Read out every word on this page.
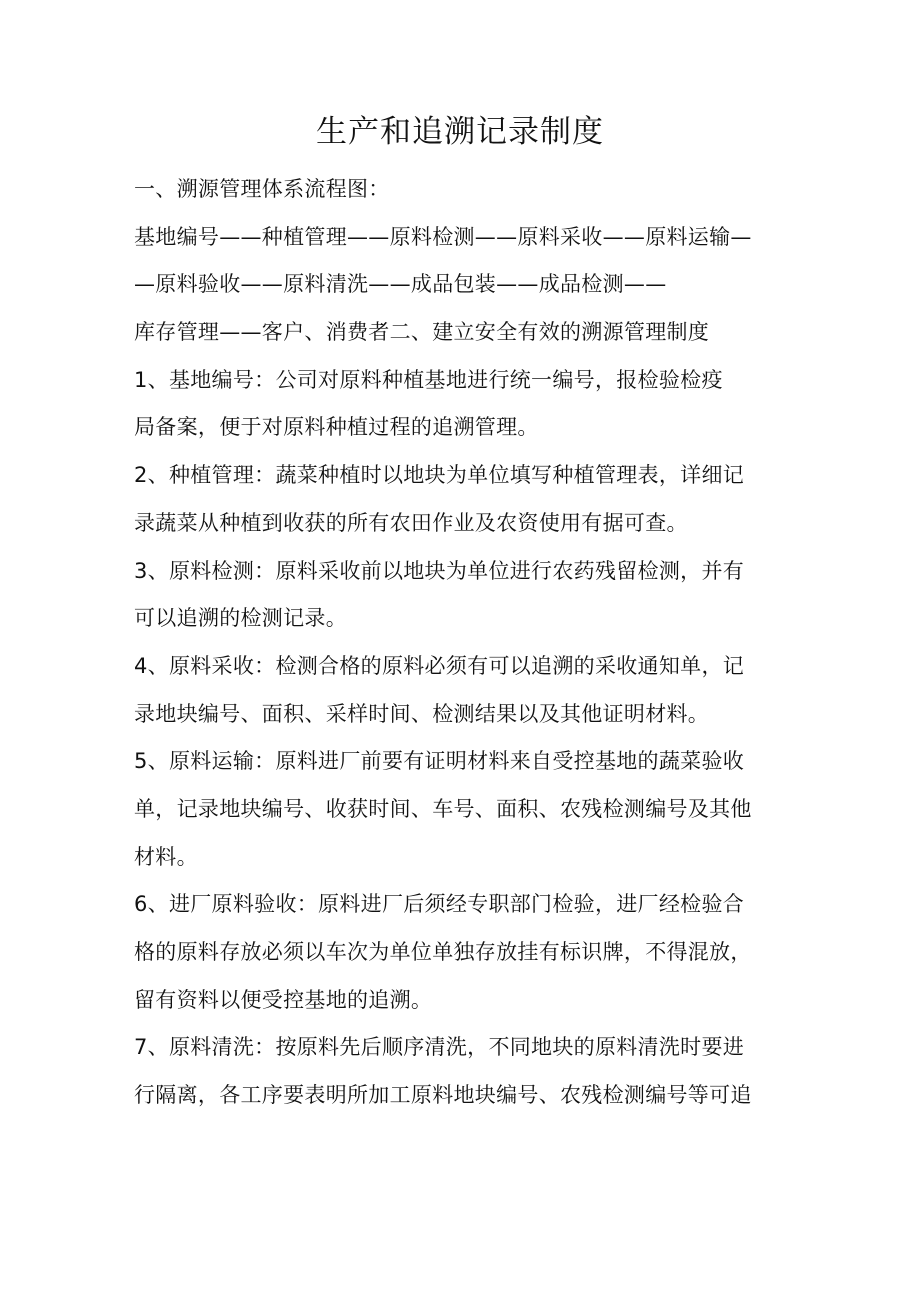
生产和追溯记录制度
一、溯源管理体系流程图：
基地编号——种植管理——原料检测——原料采收——原料运输—
—原料验收——原料清洗——成品包装——成品检测——
库存管理——客户、消费者二、建立安全有效的溯源管理制度
1、基地编号：公司对原料种植基地进行统一编号，报检验检疫
局备案，便于对原料种植过程的追溯管理。
2、种植管理：蔬菜种植时以地块为单位填写种植管理表，详细记
录蔬菜从种植到收获的所有农田作业及农资使用有据可查。
3、原料检测：原料采收前以地块为单位进行农药残留检测，并有
可以追溯的检测记录。
4、原料采收：检测合格的原料必须有可以追溯的采收通知单，记
录地块编号、面积、采样时间、检测结果以及其他证明材料。
5、原料运输：原料进厂前要有证明材料来自受控基地的蔬菜验收
单，记录地块编号、收获时间、车号、面积、农残检测编号及其他
材料。
6、进厂原料验收：原料进厂后须经专职部门检验，进厂经检验合
格的原料存放必须以车次为单位单独存放挂有标识牌，不得混放，
留有资料以便受控基地的追溯。
7、原料清洗：按原料先后顺序清洗，不同地块的原料清洗时要进
行隔离，各工序要表明所加工原料地块编号、农残检测编号等可追
